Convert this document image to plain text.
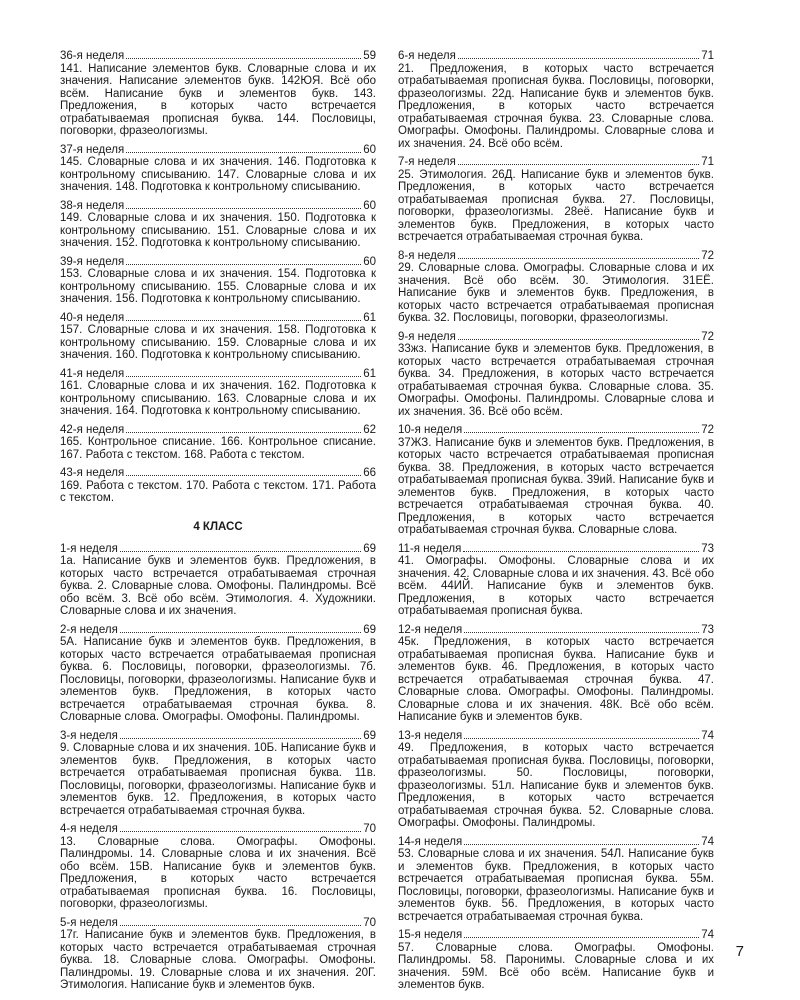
36-я неделя	59

141. Написание элементов букв. Словарные слова и их значения. Написание элементов букв. 142ЮЯ. Всё обо всём. Написание букв и элементов букв. 143. Предложения, в которых часто встречается отрабатываемая прописная буква. 144. Пословицы, поговорки, фразеологизмы.

37-я неделя	60

145. Словарные слова и их значения. 146. Подготовка к контрольному списыванию. 147. Словарные слова и их значения. 148. Подготовка к контрольному списыванию.

38-я неделя	60

149. Словарные слова и их значения. 150. Подготовка к контрольному списыванию. 151. Словарные слова и их значения. 152. Подготовка к контрольному списыванию.

39-я неделя	60

153. Словарные слова и их значения. 154. Подготовка к контрольному списыванию. 155. Словарные слова и их значения. 156. Подготовка к контрольному списыванию.

40-я неделя	61

157. Словарные слова и их значения. 158. Подготовка к контрольному списыванию. 159. Словарные слова и их значения. 160. Подготовка к контрольному списыванию.

41-я неделя	61

161. Словарные слова и их значения. 162. Подготовка к контрольному списыванию. 163. Словарные слова и их значения. 164. Подготовка к контрольному списыванию.

42-я неделя	62

165. Контрольное списание. 166. Контрольное списание. 167. Работа с текстом. 168. Работа с текстом.

43-я неделя	66

169. Работа с текстом. 170. Работа с текстом. 171. Работа с текстом.

4 КЛАСС
1-я неделя	69

1а. Написание букв и элементов букв. Предложения, в которых часто встречается отрабатываемая строчная буква. 2. Словарные слова. Омофоны. Палиндромы. Всё обо всём. 3. Всё обо всём. Этимология. 4. Художники. Словарные слова и их значения.

2-я неделя	69

5А. Написание букв и элементов букв. Предложения, в которых часто встречается отрабатываемая прописная буква. 6. Пословицы, поговорки, фразеологизмы. 7б. Пословицы, поговорки, фразеологизмы. Написание букв и элементов букв. Предложения, в которых часто встречается отрабатываемая строчная буква. 8. Словарные слова. Омографы. Омофоны. Палиндромы.

3-я неделя	69

9. Словарные слова и их значения. 10Б. Написание букв и элементов букв. Предложения, в которых часто встречается отрабатываемая прописная буква. 11в. Пословицы, поговорки, фразеологизмы. Написание букв и элементов букв. 12. Предложения, в которых часто встречается отрабатываемая строчная буква.

4-я неделя	70

13. Словарные слова. Омографы. Омофоны. Палиндромы. 14. Словарные слова и их значения. Всё обо всём. 15В. Написание букв и элементов букв. Предложения, в которых часто встречается отрабатываемая прописная буква. 16. Пословицы, поговорки, фразеологизмы.

5-я неделя	70

17г. Написание букв и элементов букв. Предложения, в которых часто встречается отрабатываемая строчная буква. 18. Словарные слова. Омографы. Омофоны. Палиндромы. 19. Словарные слова и их значения. 20Г. Этимология. Написание букв и элементов букв.

6-я неделя	71

21. Предложения, в которых часто встречается отрабатываемая прописная буква. Пословицы, поговорки, фразеологизмы. 22д. Написание букв и элементов букв. Предложения, в которых часто встречается отрабатываемая строчная буква. 23. Словарные слова. Омографы. Омофоны. Палиндромы. Словарные слова и их значения. 24. Всё обо всём.

7-я неделя	71

25. Этимология. 26Д. Написание букв и элементов букв. Предложения, в которых часто встречается отрабатываемая прописная буква. 27. Пословицы, поговорки, фразеологизмы. 28её. Написание букв и элементов букв. Предложения, в которых часто встречается отрабатываемая строчная буква.

8-я неделя	72

29. Словарные слова. Омографы. Словарные слова и их значения. Всё обо всём. 30. Этимология. 31ЕЁ. Написание букв и элементов букв. Предложения, в которых часто встречается отрабатываемая прописная буква. 32. Пословицы, поговорки, фразеологизмы.

9-я неделя	72

33жз. Написание букв и элементов букв. Предложения, в которых часто встречается отрабатываемая строчная буква. 34. Предложения, в которых часто встречается отрабатываемая строчная буква. Словарные слова. 35. Омографы. Омофоны. Палиндромы. Словарные слова и их значения. 36. Всё обо всём.

10-я неделя	72

37ЖЗ. Написание букв и элементов букв. Предложения, в которых часто встречается отрабатываемая прописная буква. 38. Предложения, в которых часто встречается отрабатываемая прописная буква. 39ий. Написание букв и элементов букв. Предложения, в которых часто встречается отрабатываемая строчная буква. 40. Предложения, в которых часто встречается отрабатываемая строчная буква. Словарные слова.

11-я неделя	73

41. Омографы. Омофоны. Словарные слова и их значения. 42. Словарные слова и их значения. 43. Всё обо всём. 44ИЙ. Написание букв и элементов букв. Предложения, в которых часто встречается отрабатываемая прописная буква.

12-я неделя	73

45к. Предложения, в которых часто встречается отрабатываемая прописная буква. Написание букв и элементов букв. 46. Предложения, в которых часто встречается отрабатываемая строчная буква. 47. Словарные слова. Омографы. Омофоны. Палиндромы. Словарные слова и их значения. 48К. Всё обо всём. Написание букв и элементов букв.

13-я неделя	74

49. Предложения, в которых часто встречается отрабатываемая прописная буква. Пословицы, поговорки, фразеологизмы. 50. Пословицы, поговорки, фразеологизмы. 51л. Написание букв и элементов букв. Предложения, в которых часто встречается отрабатываемая строчная буква. 52. Словарные слова. Омографы. Омофоны. Палиндромы.

14-я неделя	74

53. Словарные слова и их значения. 54Л. Написание букв и элементов букв. Предложения, в которых часто встречается отрабатываемая прописная буква. 55м. Пословицы, поговорки, фразеологизмы. Написание букв и элементов букв. 56. Предложения, в которых часто встречается отрабатываемая строчная буква.

15-я неделя	74

57. Словарные слова. Омографы. Омофоны. Палиндромы. 58. Паронимы. Словарные слова и их значения. 59М. Всё обо всём. Написание букв и элементов букв.

7
